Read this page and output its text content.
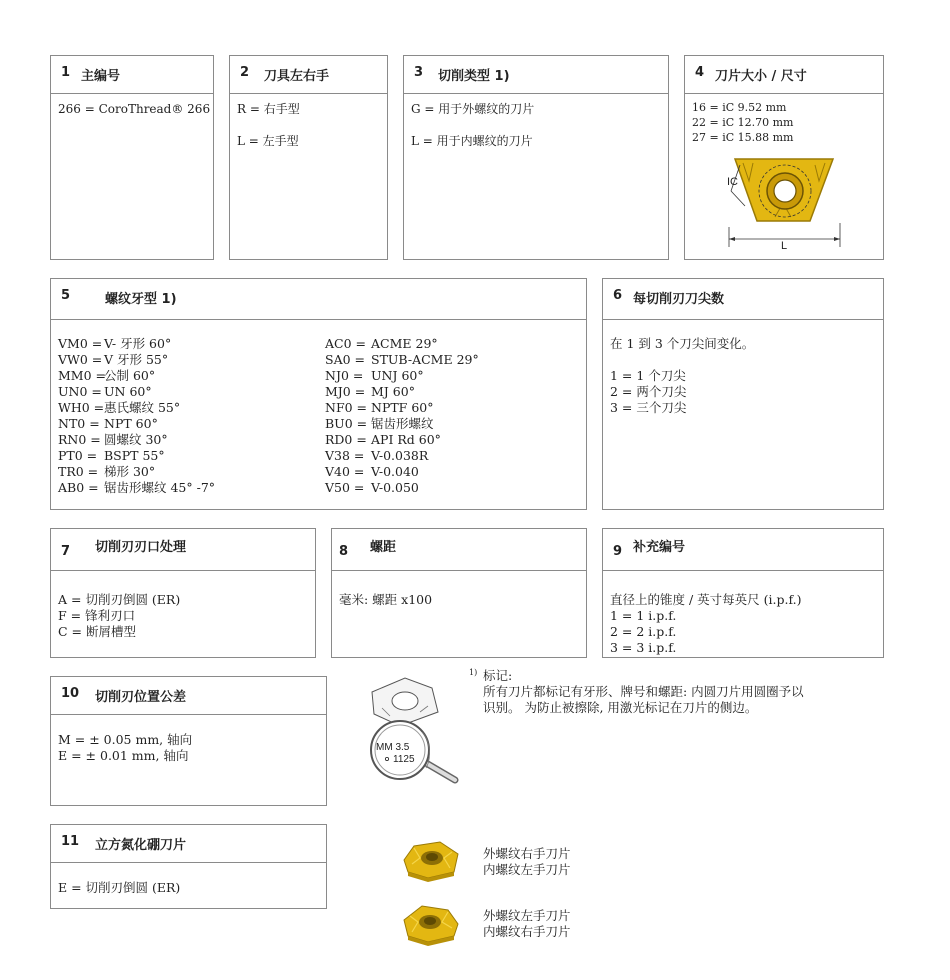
1 主编号
266 = CoroThread® 266
2 刀具左右手
R = 右手型
L = 左手型
3 切削类型 1)
G = 用于外螺纹的刀片
L = 用于内螺纹的刀片
4 刀片大小 / 尺寸
16 = iC 9.52 mm
22 = iC 12.70 mm
27 = iC 15.88 mm
IC
L
5	螺纹牙型 1)
VM0 = V- 牙形 60°
VW0 = V 牙形 55°
MM0 =
公制 60°
UN0 = UN 60°
WH0 = 惠氏螺纹 55°
NT0 = NPT 60°
RN0 = 圆螺纹 30°
PT0 = BSPT 55°
TR0 = 梯形 30°
AB0 = 锯齿形螺纹 45° -7°
AC0 = ACME 29°
SA0 = STUB-ACME 29°
NJ0 = UNJ 60°
MJ0 = MJ 60°
NF0 = NPTF 60°
BU0 = 锯齿形螺纹
RD0 = API Rd 60°
V38 = V-0.038R
V40 = V-0.040
V50 = V-0.050
6 每切削刃刀尖数
在 1 到 3 个刀尖间变化。
1 = 1 个刀尖
2 = 两个刀尖
3 = 三个刀尖
7 切削刃刃口处理
A = 切削刃倒圆 (ER)
F = 锋利刃口
C = 断屑槽型
8 螺距
毫米: 螺距 x100
9 补充编号
直径上的锥度 / 英寸每英尺 (i.p.f.)
1 = 1 i.p.f.
2 = 2 i.p.f.
3 = 3 i.p.f.
10 切削刃位置公差
M = ± 0.05 mm, 轴向
E = ± 0.01 mm, 轴向
11 立方氮化硼刀片
E = 切削刃倒圆 (ER)
MM 3.5
1125
1) 标记:
所有刀片都标记有牙形、牌号和螺距: 内圆刀片用圆圈予以
识别。 为防止被擦除, 用激光标记在刀片的侧边。
外螺纹右手刀片
内螺纹左手刀片
外螺纹左手刀片
内螺纹右手刀片
